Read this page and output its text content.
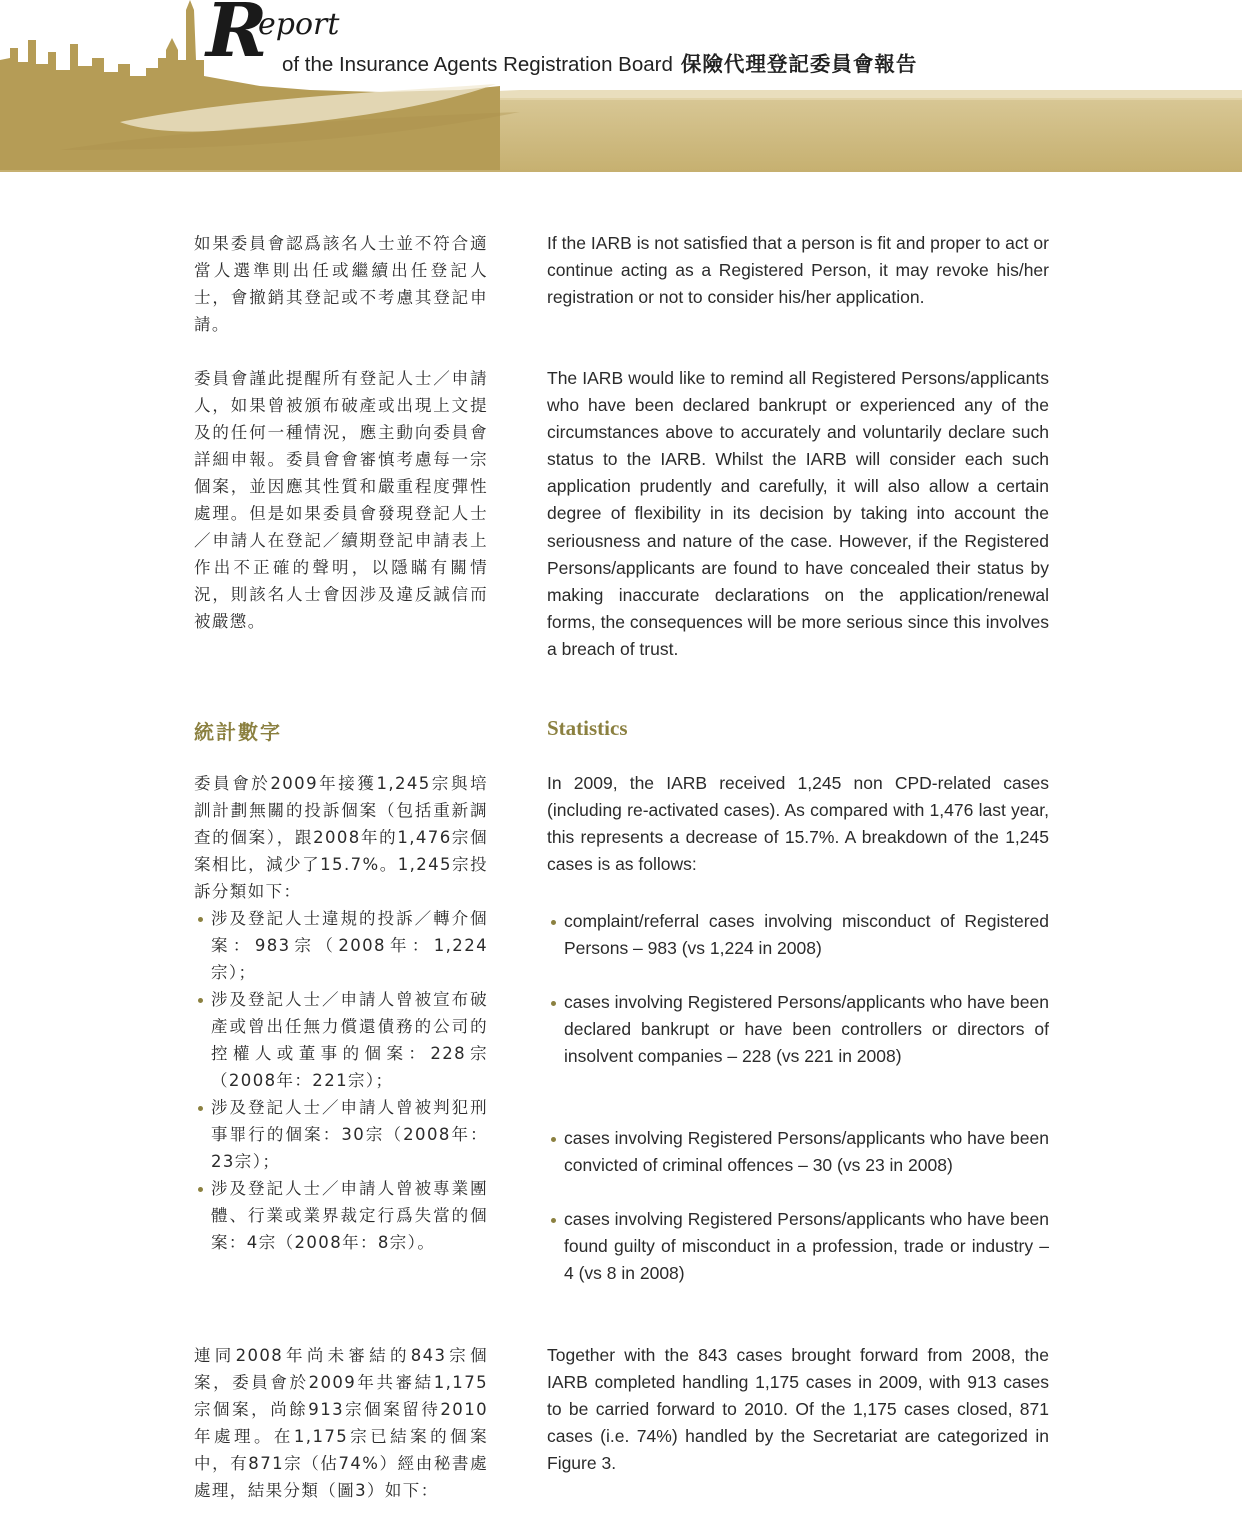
R
eport
of the Insurance Agents Registration Board 保險代理登記委員會報告

如果委員會認爲該名人士並不符合適當人選準則出任或繼續出任登記人士，會撤銷其登記或不考慮其登記申請。

委員會謹此提醒所有登記人士／申請人，如果曾被頒布破產或出現上文提及的任何一種情況，應主動向委員會詳細申報。委員會會審慎考慮每一宗個案，並因應其性質和嚴重程度彈性處理。但是如果委員會發現登記人士／申請人在登記／續期登記申請表上作出不正確的聲明，以隱瞞有關情況，則該名人士會因涉及違反誠信而被嚴懲。

統計數字

委員會於2009年接獲1,245宗與培訓計劃無關的投訴個案（包括重新調查的個案），跟2008年的1,476宗個案相比，減少了15.7%。1,245宗投訴分類如下：

涉及登記人士違規的投訴／轉介個案：983宗（2008年：1,224宗）；

涉及登記人士／申請人曾被宣布破產或曾出任無力償還債務的公司的控權人或董事的個案：228宗（2008年：221宗）；

涉及登記人士／申請人曾被判犯刑事罪行的個案：30宗（2008年：23宗）；

涉及登記人士／申請人曾被專業團體、行業或業界裁定行爲失當的個案：4宗（2008年：8宗）。

連同2008年尚未審結的843宗個案，委員會於2009年共審結1,175宗個案，尚餘913宗個案留待2010年處理。在1,175宗已結案的個案中，有871宗（佔74%）經由秘書處處理，結果分類（圖3）如下：

If the IARB is not satisfied that a person is fit and proper to act or continue acting as a Registered Person, it may revoke his/her registration or not to consider his/her application.

The IARB would like to remind all Registered Persons/applicants who have been declared bankrupt or experienced any of the circumstances above to accurately and voluntarily declare such status to the IARB. Whilst the IARB will consider each such application prudently and carefully, it will also allow a certain degree of flexibility in its decision by taking into account the seriousness and nature of the case. However, if the Registered Persons/applicants are found to have concealed their status by making inaccurate declarations on the application/renewal forms, the consequences will be more serious since this involves a breach of trust.

Statistics

In 2009, the IARB received 1,245 non CPD-related cases (including re-activated cases). As compared with 1,476 last year, this represents a decrease of 15.7%. A breakdown of the 1,245 cases is as follows:

complaint/referral cases involving misconduct of Registered Persons – 983 (vs 1,224 in 2008)

cases involving Registered Persons/applicants who have been declared bankrupt or have been controllers or directors of insolvent companies – 228 (vs 221 in 2008)

cases involving Registered Persons/applicants who have been convicted of criminal offences – 30 (vs 23 in 2008)

cases involving Registered Persons/applicants who have been found guilty of misconduct in a profession, trade or industry – 4 (vs 8 in 2008)

Together with the 843 cases brought forward from 2008, the IARB completed handling 1,175 cases in 2009, with 913 cases to be carried forward to 2010. Of the 1,175 cases closed, 871 cases (i.e. 74%) handled by the Secretariat are categorized in Figure 3.
